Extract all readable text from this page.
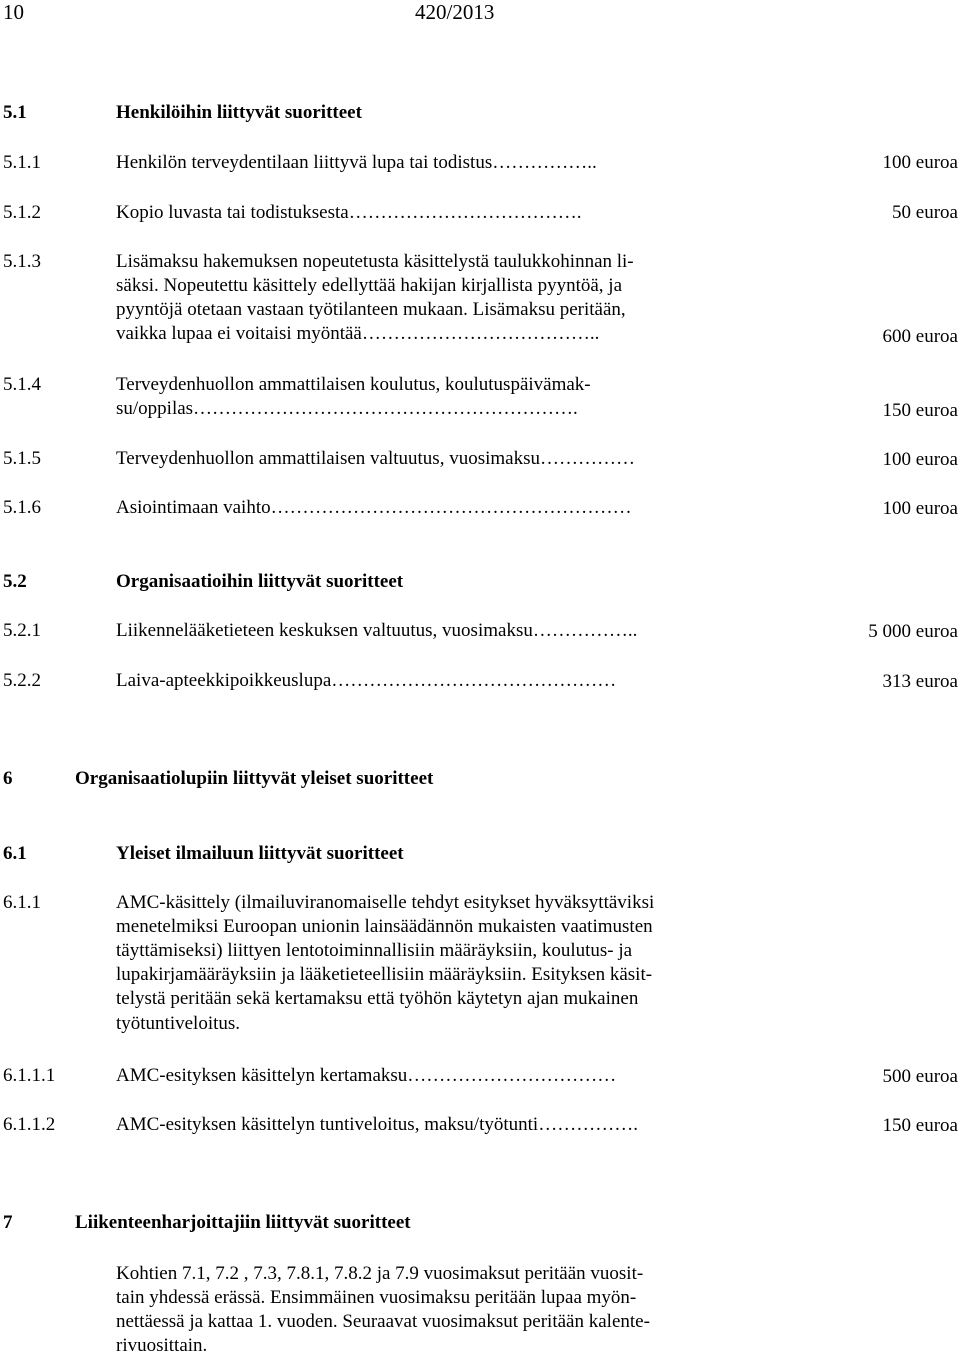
10	420/2013
5.1	Henkilöihin liittyvät suoritteet
5.1.1	Henkilön terveydentilaan liittyvä lupa tai todistus……………..	100 euroa
5.1.2	Kopio luvasta tai todistuksesta……………………………….	50 euroa
5.1.3	Lisämaksu hakemuksen nopeutetusta käsittelystä taulukkohinnan li-
säksi. Nopeutettu käsittely edellyttää hakijan kirjallista pyyntöä, ja
pyyntöjä otetaan vastaan työtilanteen mukaan. Lisämaksu peritään,
vaikka lupaa ei voitaisi myöntää………………………………..	600 euroa
5.1.4	Terveydenhuollon ammattilaisen koulutus, koulutuspäivämak-
su/oppilas…………………………………………………….	150 euroa
5.1.5	Terveydenhuollon ammattilaisen valtuutus, vuosimaksu……………	100 euroa
5.1.6	Asiointimaan vaihto…………………………………………………	100 euroa
5.2	Organisaatioihin liittyvät suoritteet
5.2.1	Liikennelääketieteen keskuksen valtuutus, vuosimaksu……………..	5 000 euroa
5.2.2	Laiva-apteekkipoikkeuslupa………………………………………	313 euroa
6	Organisaatiolupiin liittyvät yleiset suoritteet
6.1	Yleiset ilmailuun liittyvät suoritteet
6.1.1	AMC-käsittely (ilmailuviranomaiselle tehdyt esitykset hyväksyttäviksi
menetelmiksi Euroopan unionin lainsäädännön mukaisten vaatimusten
täyttämiseksi) liittyen lentotoiminnallisiin määräyksiin, koulutus- ja
lupakirjamääräyksiin ja lääketieteellisiin määräyksiin. Esityksen käsit-
telystä peritään sekä kertamaksu että työhön käytetyn ajan mukainen
työtuntiveloitus.
6.1.1.1	AMC-esityksen käsittelyn kertamaksu……………………………	500 euroa
6.1.1.2	AMC-esityksen käsittelyn tuntiveloitus, maksu/työtunti…………….	150 euroa
7	Liikenteenharjoittajiin liittyvät suoritteet
Kohtien 7.1, 7.2 , 7.3, 7.8.1, 7.8.2 ja 7.9 vuosimaksut peritään vuosit-
tain yhdessä erässä. Ensimmäinen vuosimaksu peritään lupaa myön-
nettäessä ja kattaa 1. vuoden. Seuraavat vuosimaksut peritään kalente-
rivuosittain.
